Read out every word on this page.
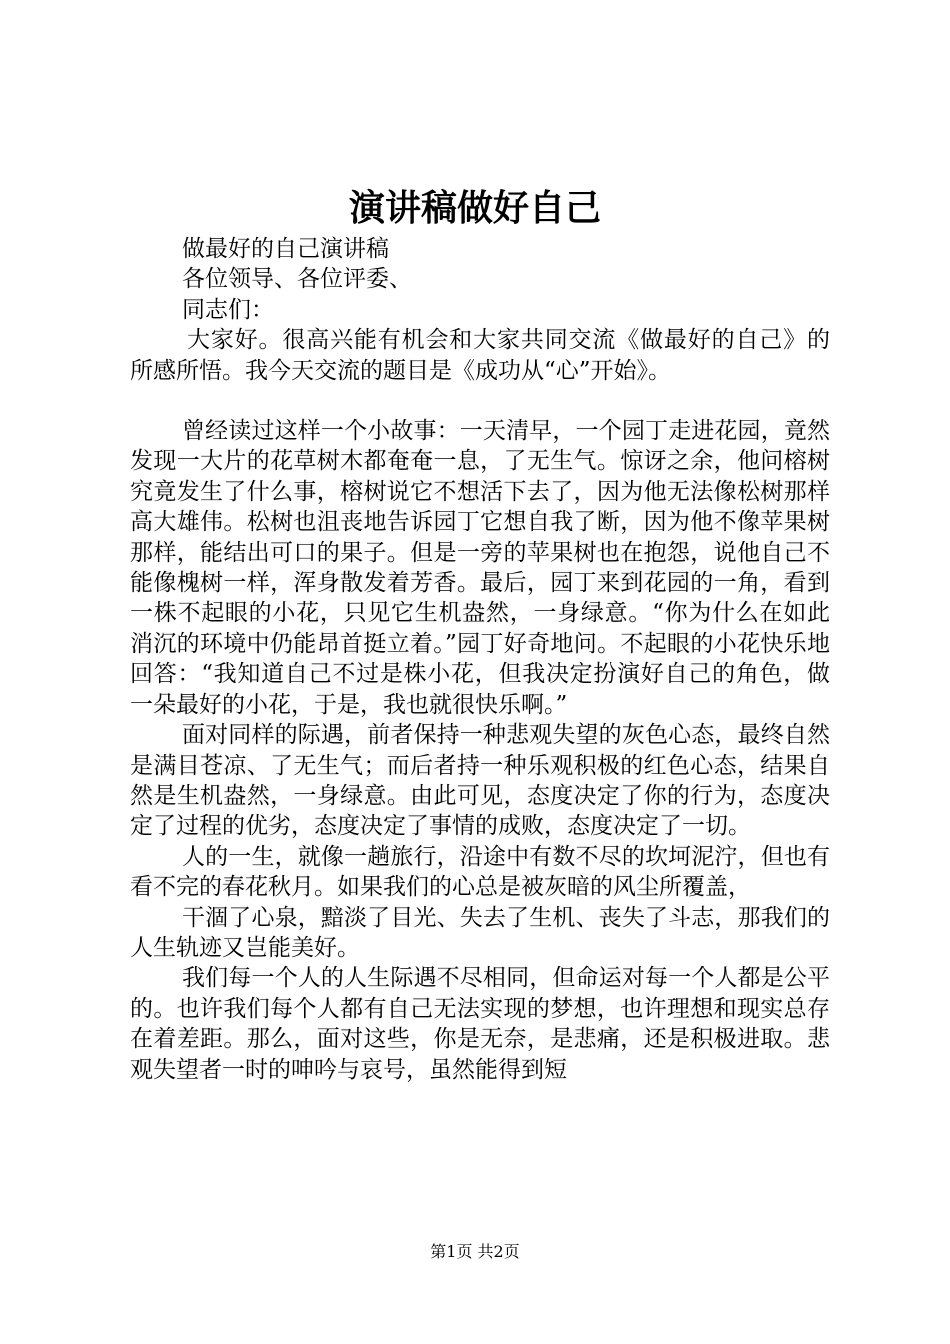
演讲稿做好自己

做最好的自己演讲稿

各位领导、各位评委、

同志们：

大家好。很高兴能有机会和大家共同交流《做最好的自己》的所感所悟。我今天交流的题目是《成功从“心”开始》。

曾经读过这样一个小故事：一天清早，一个园丁走进花园，竟然发现一大片的花草树木都奄奄一息，了无生气。惊讶之余，他问榕树究竟发生了什么事，榕树说它不想活下去了，因为他无法像松树那样高大雄伟。松树也沮丧地告诉园丁它想自我了断，因为他不像苹果树那样，能结出可口的果子。但是一旁的苹果树也在抱怨，说他自己不能像槐树一样，浑身散发着芳香。最后，园丁来到花园的一角，看到一株不起眼的小花，只见它生机盎然，一身绿意。“你为什么在如此消沉的环境中仍能昂首挺立着。”园丁好奇地问。不起眼的小花快乐地回答：“我知道自己不过是株小花，但我决定扮演好自己的角色，做一朵最好的小花，于是，我也就很快乐啊。”

面对同样的际遇，前者保持一种悲观失望的灰色心态，最终自然是满目苍凉、了无生气；而后者持一种乐观积极的红色心态，结果自然是生机盎然，一身绿意。由此可见，态度决定了你的行为，态度决定了过程的优劣，态度决定了事情的成败，态度决定了一切。

人的一生，就像一趟旅行，沿途中有数不尽的坎坷泥泞，但也有看不完的春花秋月。如果我们的心总是被灰暗的风尘所覆盖，

干涸了心泉，黯淡了目光、失去了生机、丧失了斗志，那我们的人生轨迹又岂能美好。

我们每一个人的人生际遇不尽相同，但命运对每一个人都是公平的。也许我们每个人都有自己无法实现的梦想，也许理想和现实总存在着差距。那么，面对这些，你是无奈，是悲痛，还是积极进取。悲观失望者一时的呻吟与哀号，虽然能得到短

第1页 共2页
